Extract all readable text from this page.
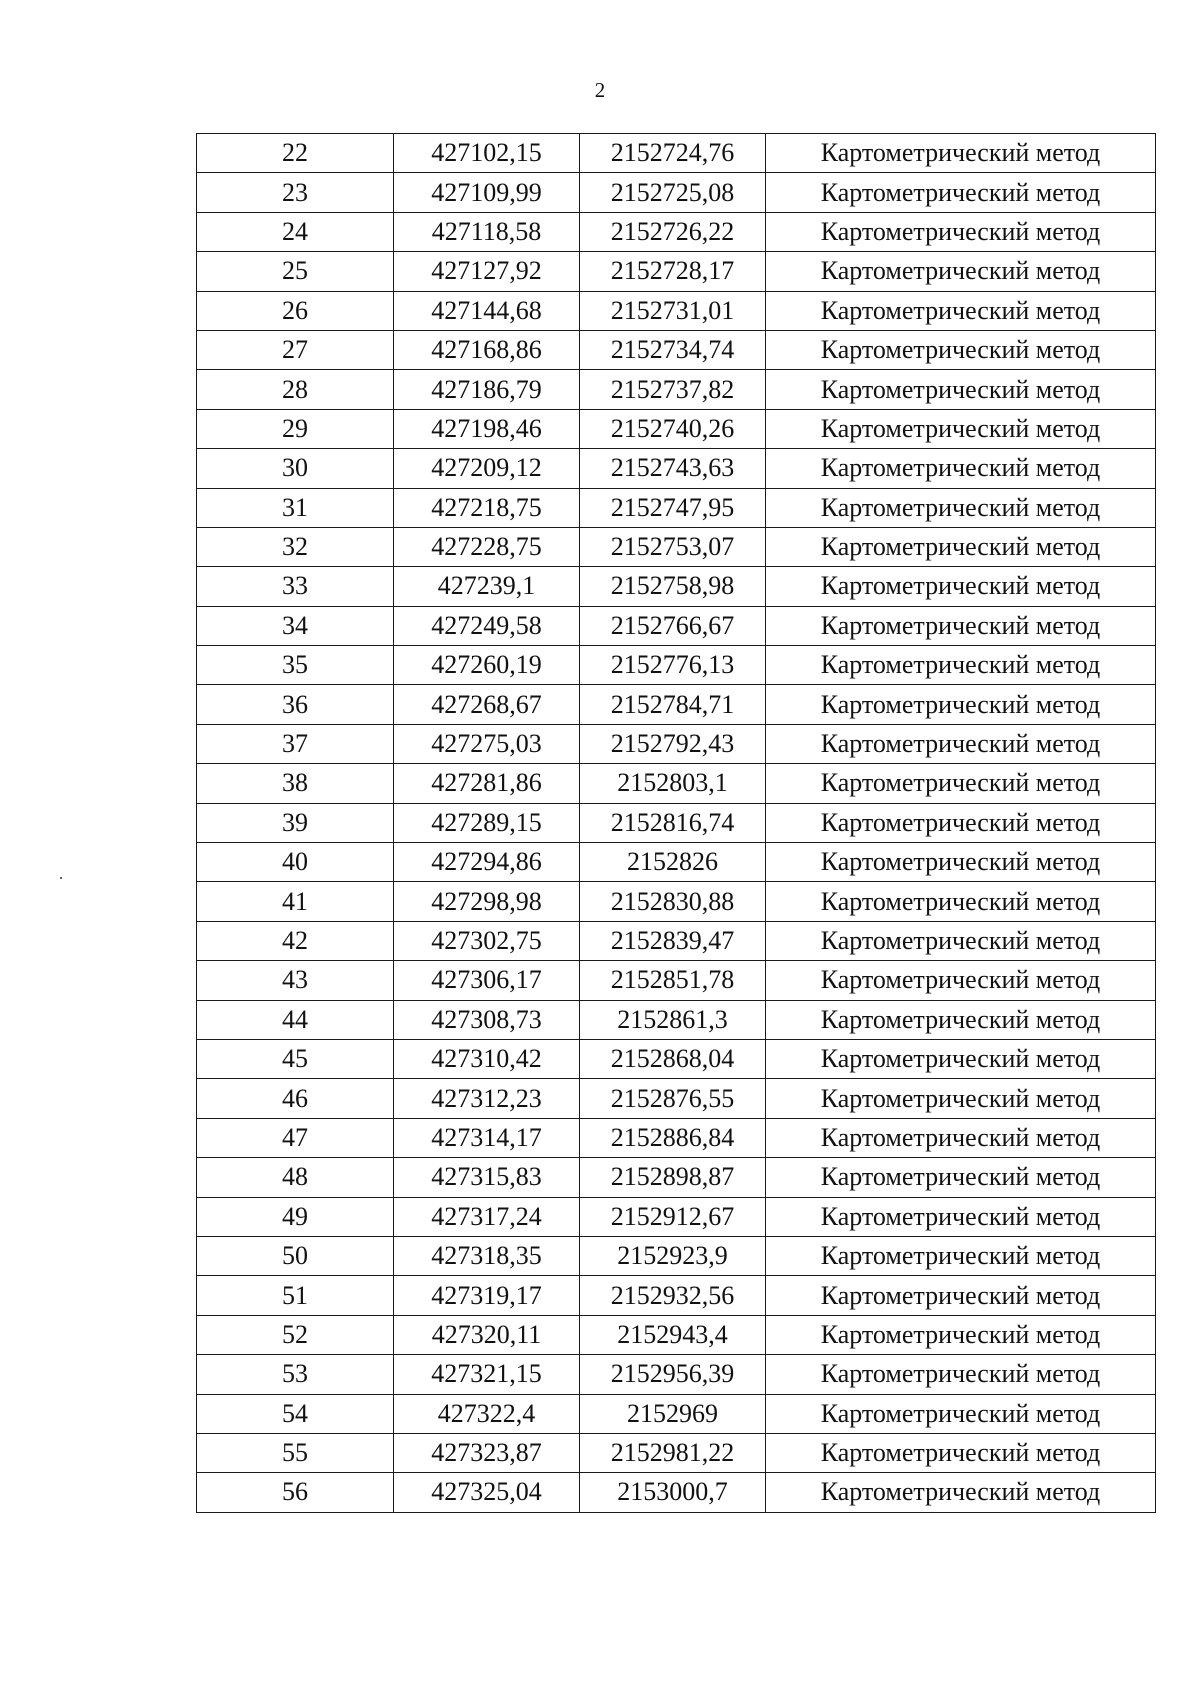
2
22	427102,15	2152724,76	Картометрический метод
23	427109,99	2152725,08	Картометрический метод
24	427118,58	2152726,22	Картометрический метод
25	427127,92	2152728,17	Картометрический метод
26	427144,68	2152731,01	Картометрический метод
27	427168,86	2152734,74	Картометрический метод
28	427186,79	2152737,82	Картометрический метод
29	427198,46	2152740,26	Картометрический метод
30	427209,12	2152743,63	Картометрический метод
31	427218,75	2152747,95	Картометрический метод
32	427228,75	2152753,07	Картометрический метод
33	427239,1	2152758,98	Картометрический метод
34	427249,58	2152766,67	Картометрический метод
35	427260,19	2152776,13	Картометрический метод
36	427268,67	2152784,71	Картометрический метод
37	427275,03	2152792,43	Картометрический метод
38	427281,86	2152803,1	Картометрический метод
39	427289,15	2152816,74	Картометрический метод
40	427294,86	2152826	Картометрический метод
41	427298,98	2152830,88	Картометрический метод
42	427302,75	2152839,47	Картометрический метод
43	427306,17	2152851,78	Картометрический метод
44	427308,73	2152861,3	Картометрический метод
45	427310,42	2152868,04	Картометрический метод
46	427312,23	2152876,55	Картометрический метод
47	427314,17	2152886,84	Картометрический метод
48	427315,83	2152898,87	Картометрический метод
49	427317,24	2152912,67	Картометрический метод
50	427318,35	2152923,9	Картометрический метод
51	427319,17	2152932,56	Картометрический метод
52	427320,11	2152943,4	Картометрический метод
53	427321,15	2152956,39	Картометрический метод
54	427322,4	2152969	Картометрический метод
55	427323,87	2152981,22	Картометрический метод
56	427325,04	2153000,7	Картометрический метод
